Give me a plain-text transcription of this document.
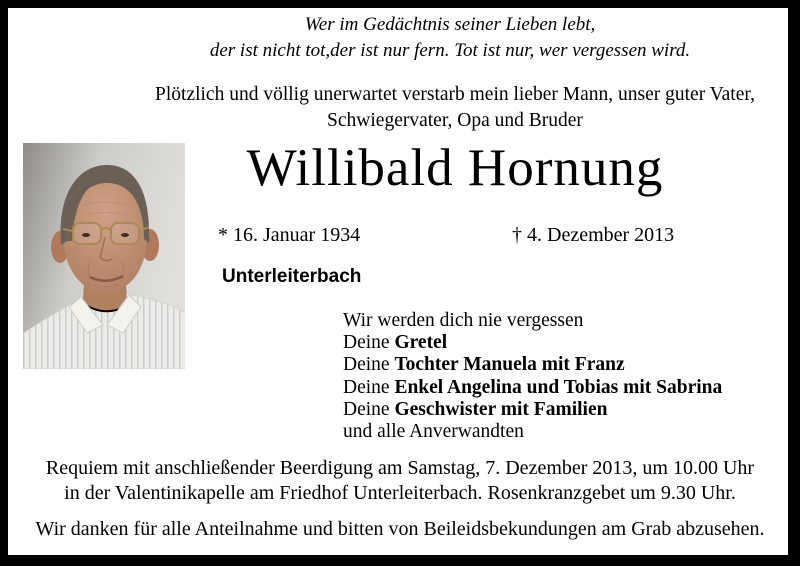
Wer im Gedächtnis seiner Lieben lebt,
der ist nicht tot,der ist nur fern. Tot ist nur, wer vergessen wird.
Plötzlich und völlig unerwartet verstarb mein lieber Mann, unser guter Vater,
Schwiegervater, Opa und Bruder
Willibald Hornung
* 16. Januar 1934	† 4. Dezember 2013
Unterleiterbach
Wir werden dich nie vergessen
Deine Gretel
Deine Tochter Manuela mit Franz
Deine Enkel Angelina und Tobias mit Sabrina
Deine Geschwister mit Familien
und alle Anverwandten
Requiem mit anschließender Beerdigung am Samstag, 7. Dezember 2013, um 10.00 Uhr
in der Valentinikapelle am Friedhof Unterleiterbach. Rosenkranzgebet um 9.30 Uhr.
Wir danken für alle Anteilnahme und bitten von Beileidsbekundungen am Grab abzusehen.
